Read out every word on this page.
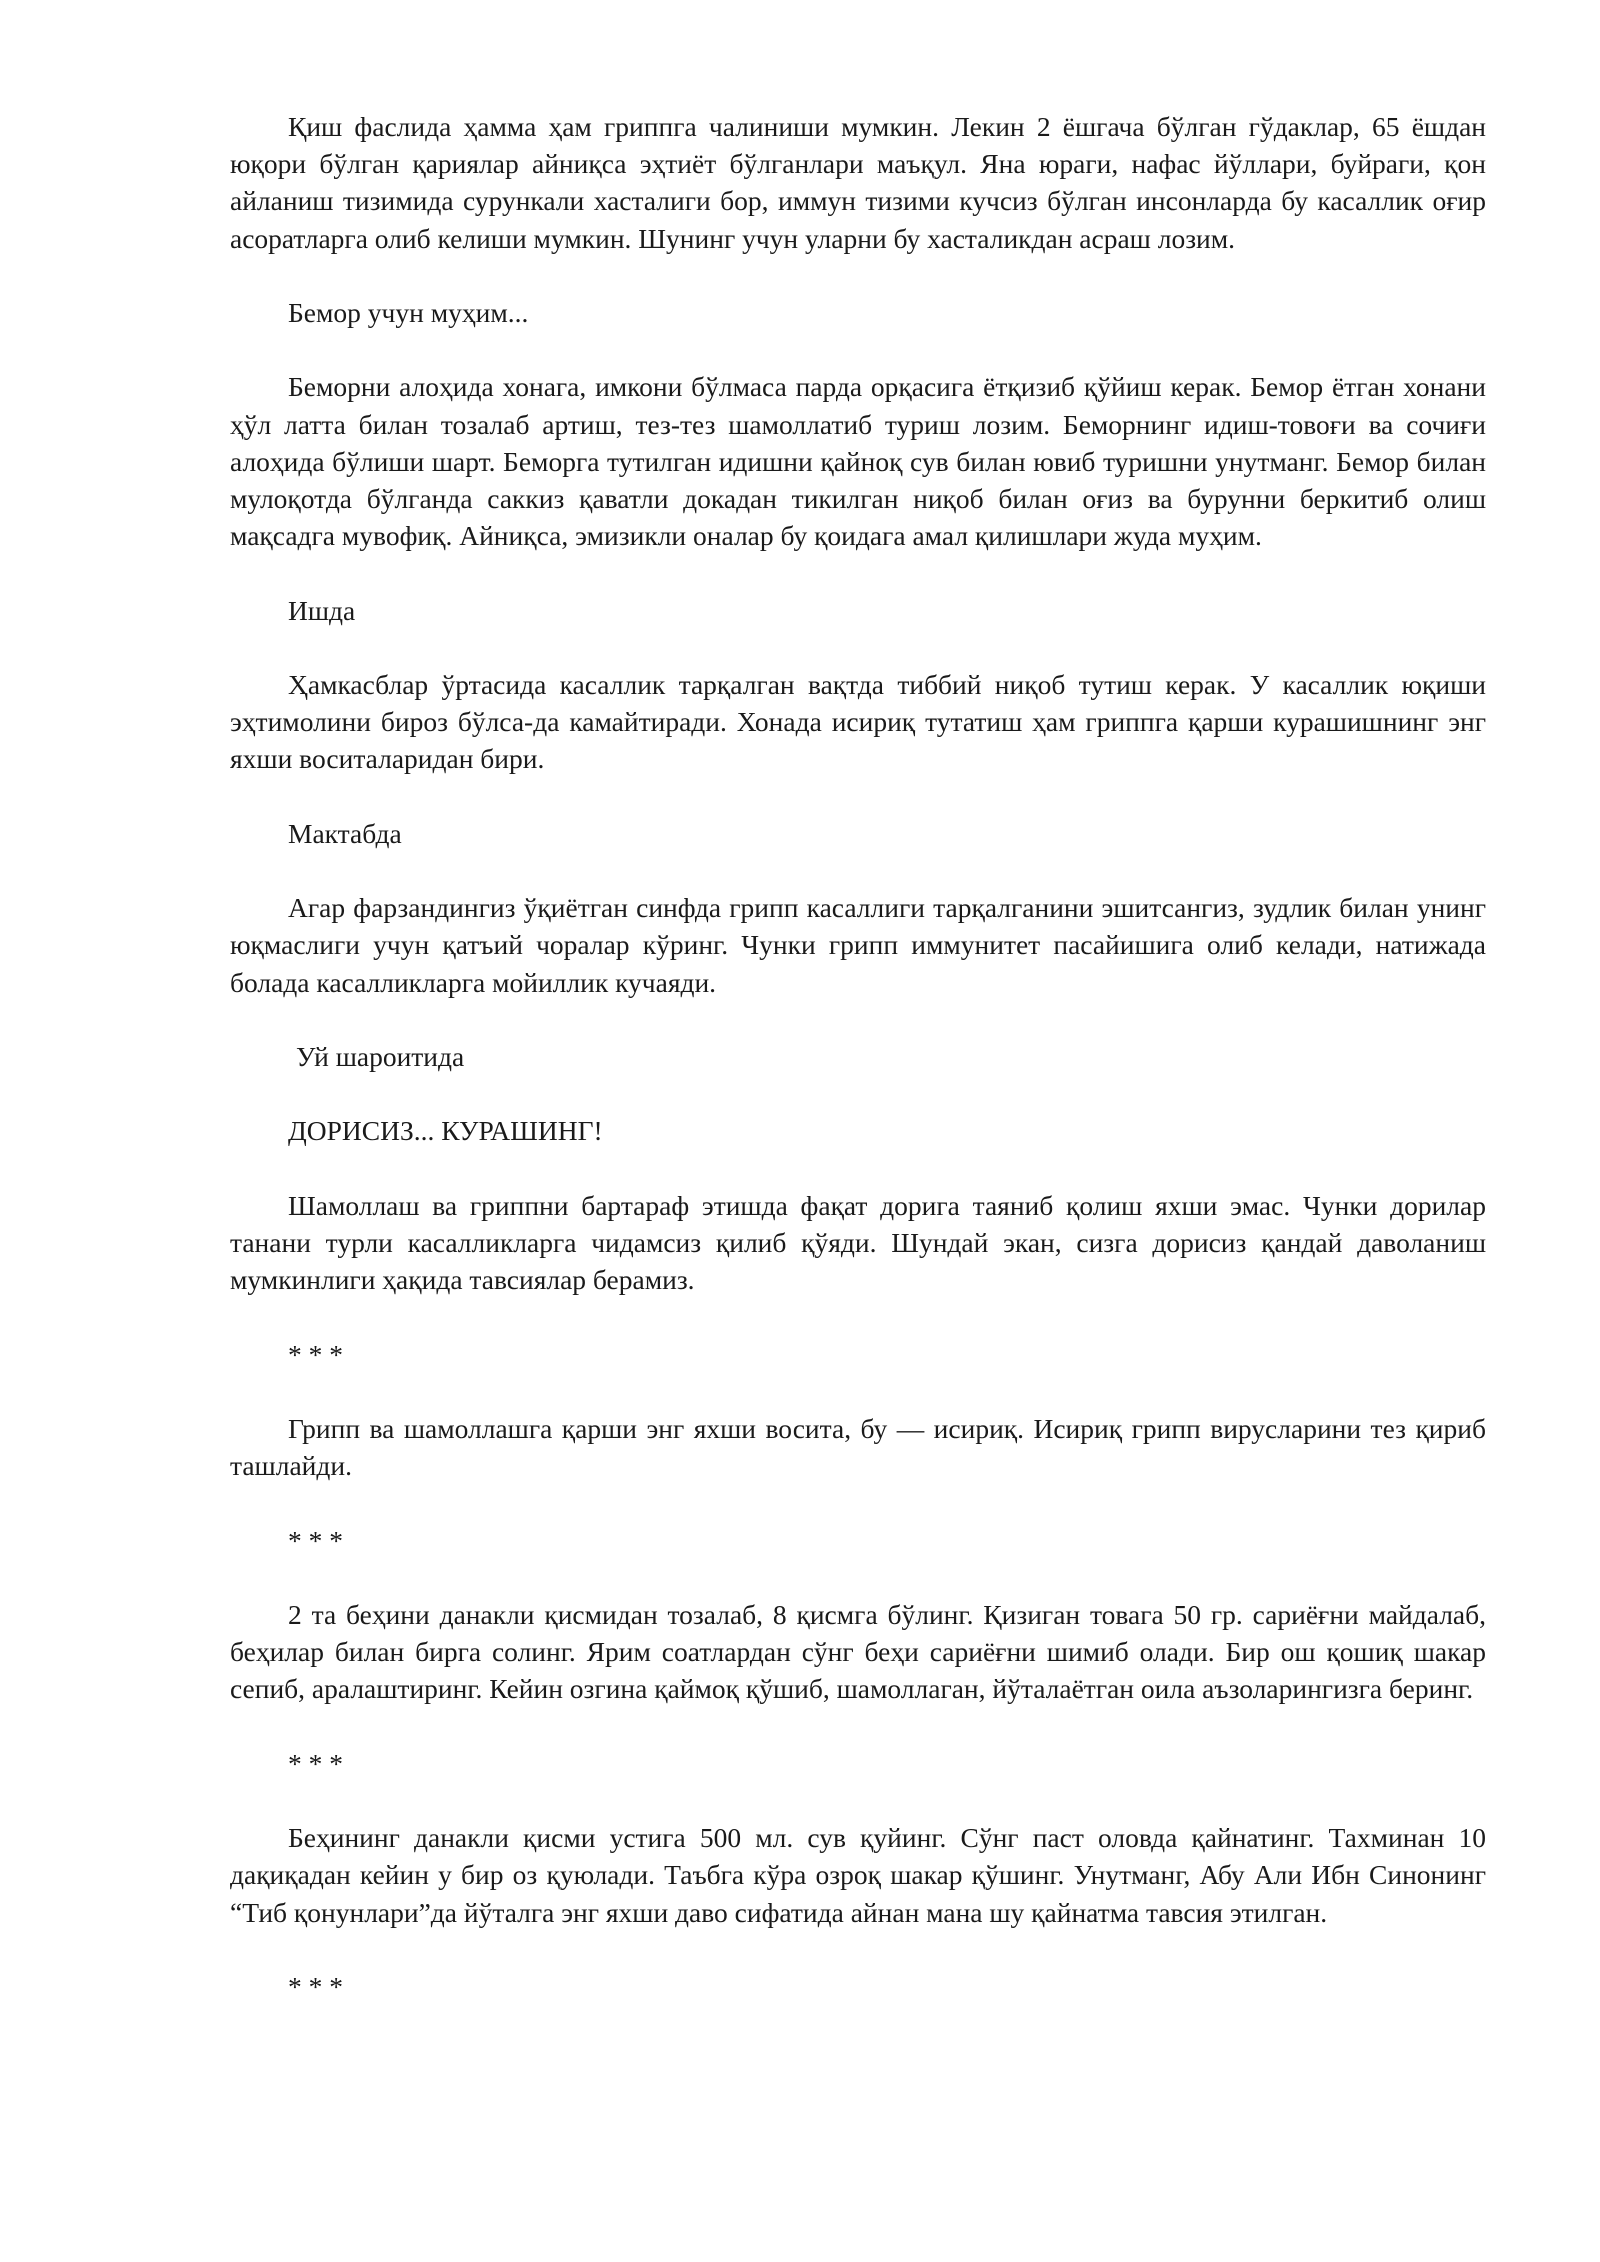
Қиш фаслида ҳамма ҳам гриппга чалиниши мумкин. Лекин 2 ёшгача бўлган гўдаклар, 65 ёшдан юқори бўлган қариялар айниқса эҳтиёт бўлганлари маъқул. Яна юраги, нафас йўллари, буйраги, қон айланиш тизимида сурункали хасталиги бор, иммун тизими кучсиз бўлган инсонларда бу касаллик оғир асоратларга олиб келиши мумкин. Шунинг учун уларни бу хасталикдан асраш лозим.

Бемор учун муҳим...

Беморни алоҳида хонага, имкони бўлмаса парда орқасига ётқизиб қўйиш керак. Бемор ётган хонани ҳўл латта билан тозалаб артиш, тез-тез шамоллатиб туриш лозим. Беморнинг идиш-товоғи ва сочиғи алоҳида бўлиши шарт. Беморга тутилган идишни қайноқ сув билан ювиб туришни унутманг. Бемор билан мулоқотда бўлганда саккиз қаватли докадан тикилган ниқоб билан оғиз ва бурунни беркитиб олиш мақсадга мувофиқ. Айниқса, эмизикли оналар бу қоидага амал қилишлари жуда муҳим.

Ишда

Ҳамкасблар ўртасида касаллик тарқалган вақтда тиббий ниқоб тутиш керак. У касаллик юқиши эҳтимолини бироз бўлса-да камайтиради. Хонада исириқ тутатиш ҳам гриппга қарши курашишнинг энг яхши воситаларидан бири.

Мактабда

Агар фарзандингиз ўқиётган синфда грипп касаллиги тарқалганини эшитсангиз, зудлик билан унинг юқмаслиги учун қатъий чоралар кўринг. Чунки грипп иммунитет пасайишига олиб келади, натижада болада касалликларга мойиллик кучаяди.

Уй шароитида

ДОРИСИЗ... КУРАШИНГ!

Шамоллаш ва гриппни бартараф этишда фақат дорига таяниб қолиш яхши эмас. Чунки дорилар танани турли касалликларга чидамсиз қилиб қўяди. Шундай экан, сизга дорисиз қандай даволаниш мумкинлиги ҳақида тавсиялар берамиз.

* * *

Грипп ва шамоллашга қарши энг яхши восита, бу — исириқ. Исириқ грипп вирусларини тез қириб ташлайди.

* * *

2 та беҳини данакли қисмидан тозалаб, 8 қисмга бўлинг. Қизиган товага 50 гр. сариёғни майдалаб, беҳилар билан бирга солинг. Ярим соатлардан сўнг беҳи сариёғни шимиб олади. Бир ош қошиқ шакар сепиб, аралаштиринг. Кейин озгина қаймоқ қўшиб, шамоллаган, йўталаётган оила аъзоларингизга беринг.

* * *

Беҳининг данакли қисми устига 500 мл. сув қуйинг. Сўнг паст оловда қайнатинг. Тахминан 10 дақиқадан кейин у бир оз қуюлади. Таъбга кўра озроқ шакар қўшинг. Унутманг, Абу Али Ибн Синонинг “Тиб қонунлари”да йўталга энг яхши даво сифатида айнан мана шу қайнатма тавсия этилган.

* * *
